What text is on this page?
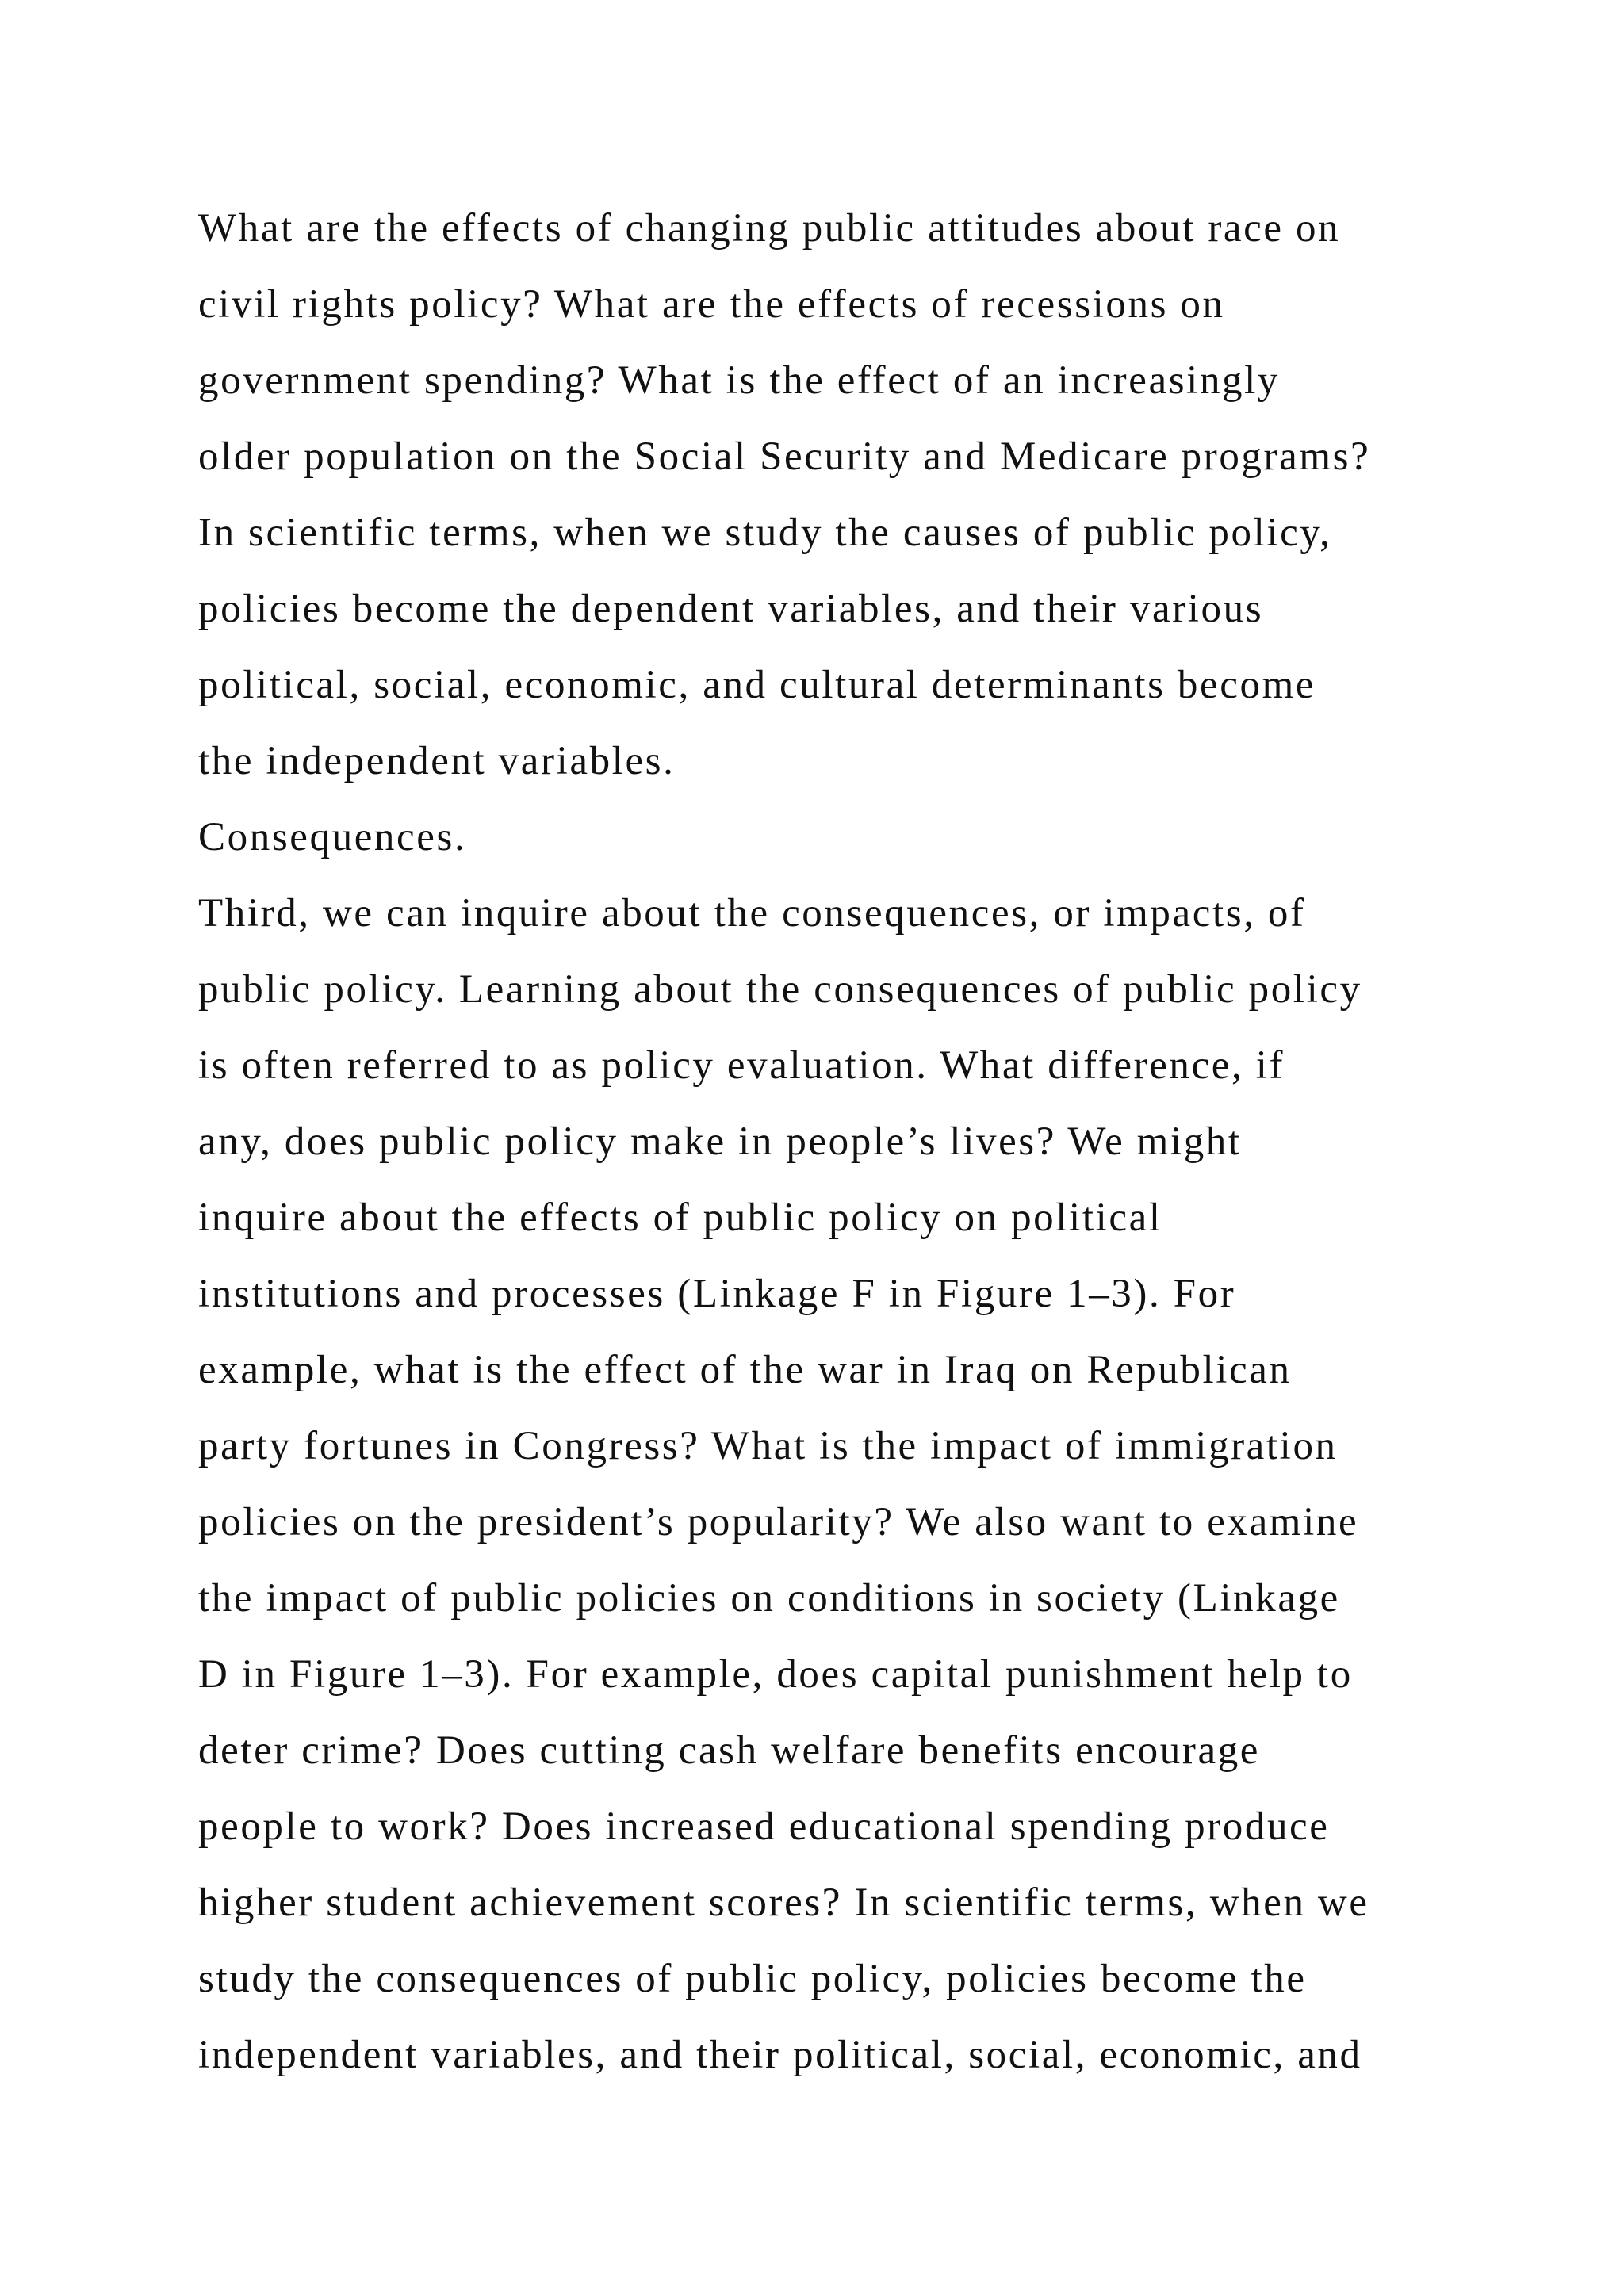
What are the effects of changing public attitudes about race on
civil rights policy? What are the effects of recessions on
government spending? What is the effect of an increasingly
older population on the Social Security and Medicare programs?
In scientific terms, when we study the causes of public policy,
policies become the dependent variables, and their various
political, social, economic, and cultural determinants become
the independent variables.
Consequences.
Third, we can inquire about the consequences, or impacts, of
public policy. Learning about the consequences of public policy
is often referred to as policy evaluation. What difference, if
any, does public policy make in people’s lives? We might
inquire about the effects of public policy on political
institutions and processes (Linkage F in Figure 1–3). For
example, what is the effect of the war in Iraq on Republican
party fortunes in Congress? What is the impact of immigration
policies on the president’s popularity? We also want to examine
the impact of public policies on conditions in society (Linkage
D in Figure 1–3). For example, does capital punishment help to
deter crime? Does cutting cash welfare benefits encourage
people to work? Does increased educational spending produce
higher student achievement scores? In scientific terms, when we
study the consequences of public policy, policies become the
independent variables, and their political, social, economic, and
